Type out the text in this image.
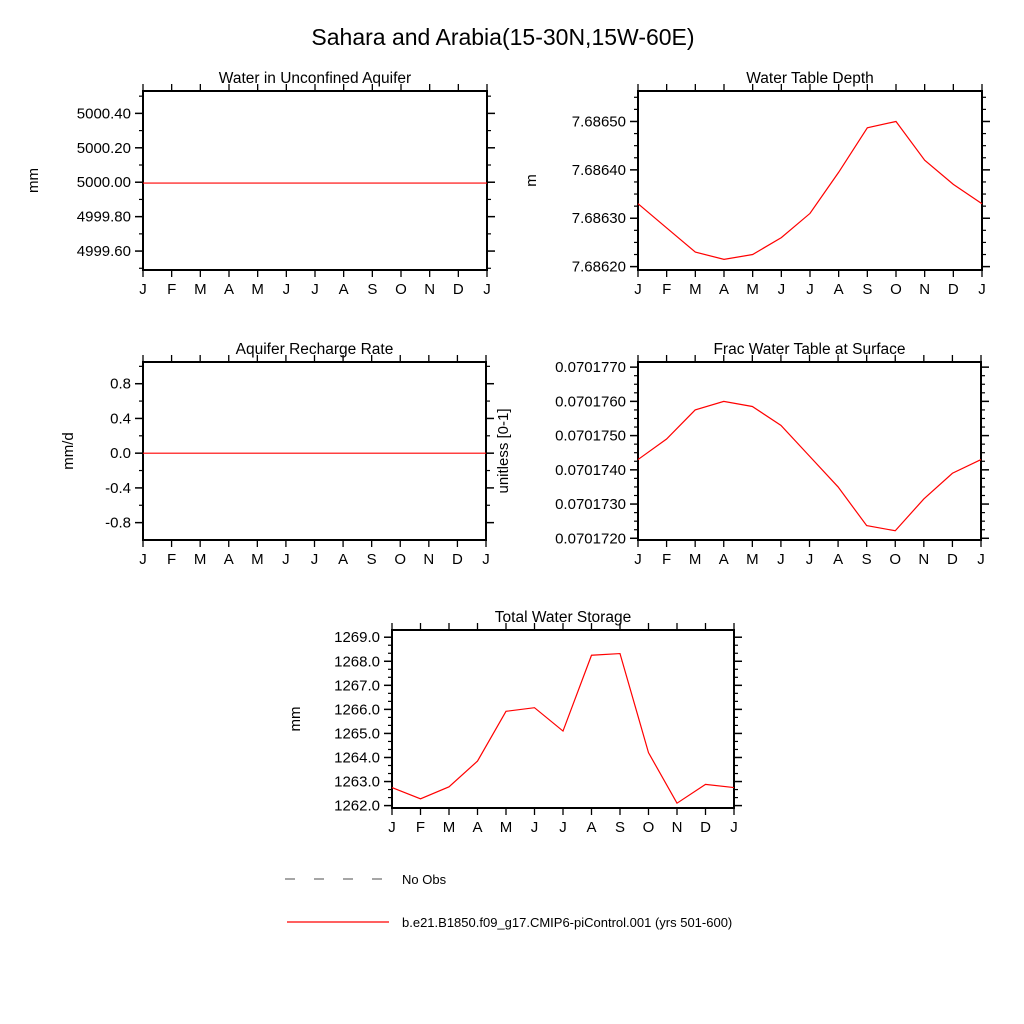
Sahara and Arabia(15-30N,15W-60E)
Water in Unconfined Aquifer
mm
4999.60
4999.80
5000.00
5000.20
5000.40
J F M A M J J A S O N D J
Water Table Depth
m
7.68620
7.68630
7.68640
7.68650
J F M A M J J A S O N D J
Aquifer Recharge Rate
mm/d
-0.8
-0.4
0.0
0.4
0.8
J F M A M J J A S O N D J
Frac Water Table at Surface
unitless [0-1]
0.0701720
0.0701730
0.0701740
0.0701750
0.0701760
0.0701770
J F M A M J J A S O N D J
Total Water Storage
mm
1262.0
1263.0
1264.0
1265.0
1266.0
1267.0
1268.0
1269.0
J F M A M J J A S O N D J
No Obs
b.e21.B1850.f09_g17.CMIP6-piControl.001 (yrs 501-600)
